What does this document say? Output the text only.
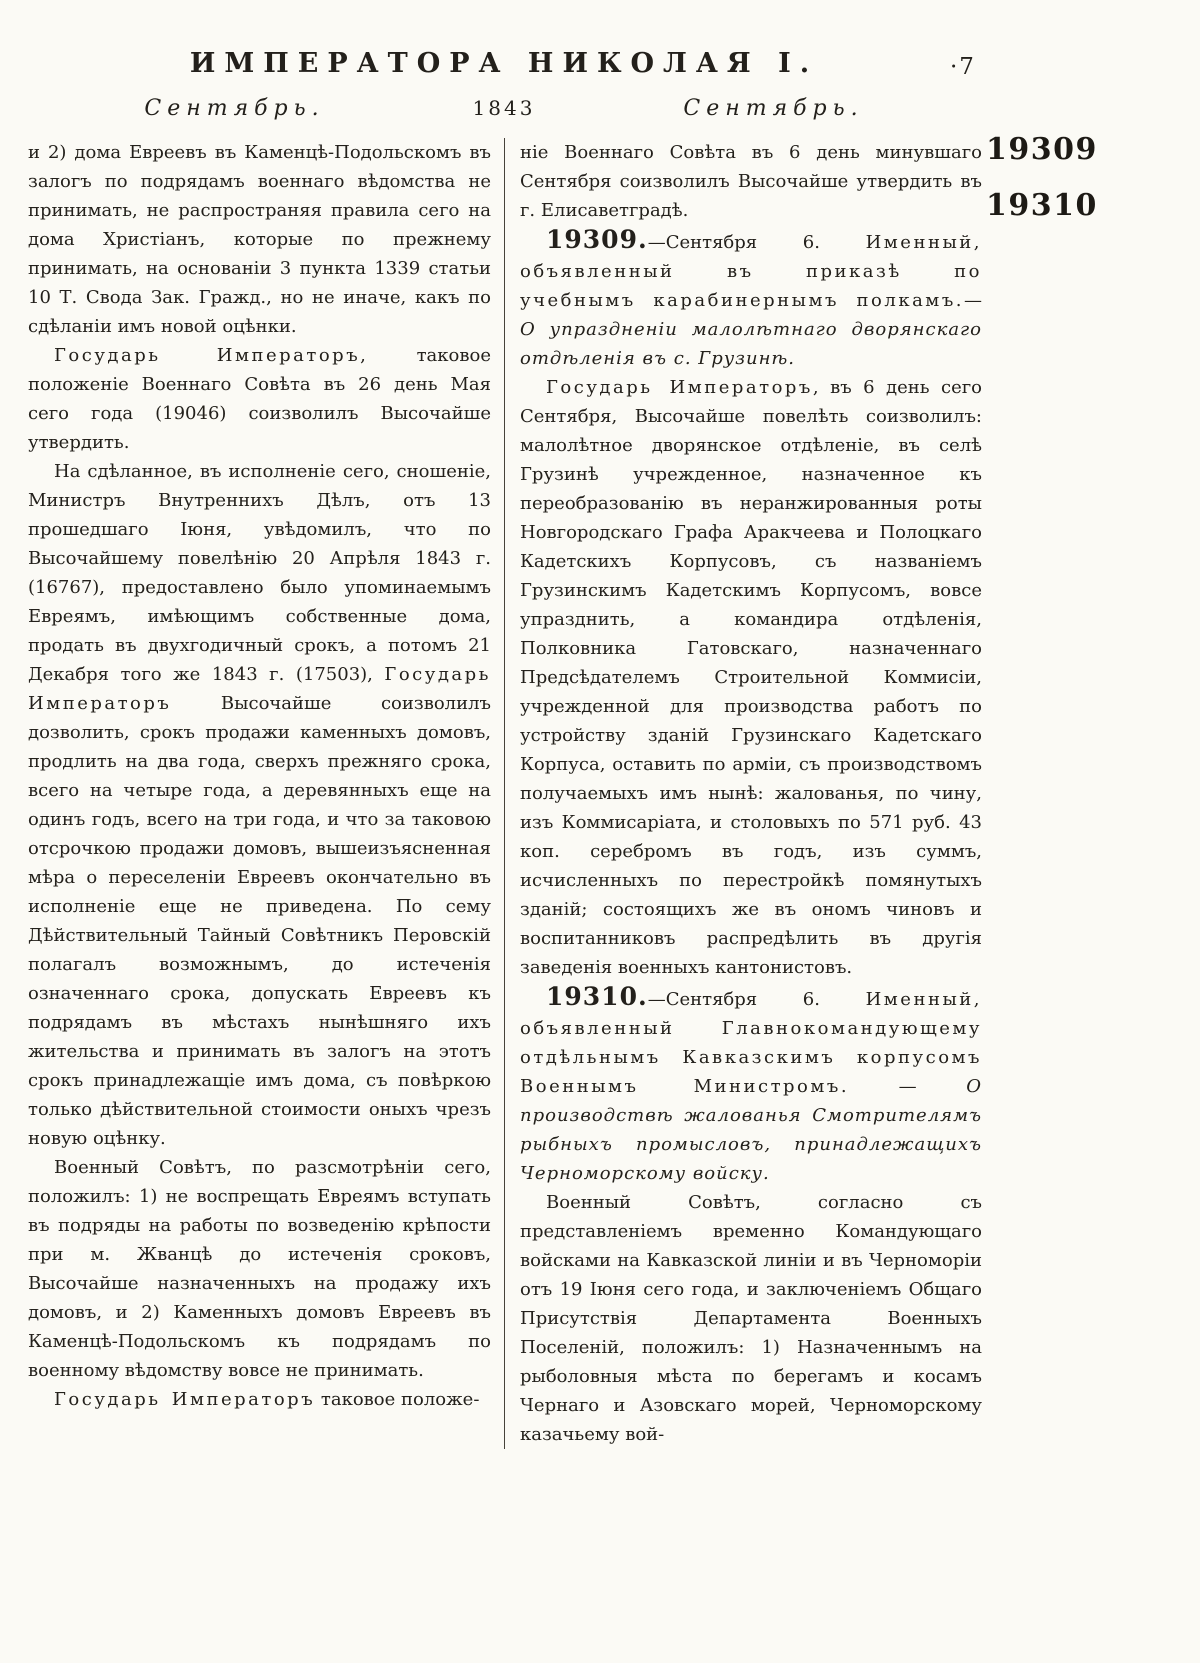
ИМПЕРАТОРА НИКОЛАЯ I.	·7
Сентябрь.	1843	Сентябрь.

и 2) дома Евреевъ въ Каменцѣ-Подольскомъ въ залогъ по подрядамъ военнаго вѣдомства не принимать, не распространяя правила сего на дома Христіанъ, которые по прежнему принимать, на основаніи 3 пункта 1339 статьи 10 Т. Свода Зак. Гражд., но не иначе, какъ по сдѣланіи имъ новой оцѣнки.

Государь Императоръ, таковое положеніе Военнаго Совѣта въ 26 день Мая сего года (19046) соизволилъ Высочайше утвердить.

На сдѣланное, въ исполненіе сего, сношеніе, Министръ Внутреннихъ Дѣлъ, отъ 13 прошедшаго Іюня, увѣдомилъ, что по Высочайшему повелѣнію 20 Апрѣля 1843 г. (16767), предоставлено было упоминаемымъ Евреямъ, имѣющимъ собственные дома, продать въ двухгодичный срокъ, а потомъ 21 Декабря того же 1843 г. (17503), Государь Императоръ Высочайше соизволилъ дозволить, срокъ продажи каменныхъ домовъ, продлить на два года, сверхъ прежняго срока, всего на четыре года, а деревянныхъ еще на одинъ годъ, всего на три года, и что за таковою отсрочкою продажи домовъ, вышеизъясненная мѣра о переселеніи Евреевъ окончательно въ исполненіе еще не приведена. По сему Дѣйствительный Тайный Совѣтникъ Перовскій полагалъ возможнымъ, до истеченія означеннаго срока, допускать Евреевъ къ подрядамъ въ мѣстахъ нынѣшняго ихъ жительства и принимать въ залогъ на этотъ срокъ принадлежащіе имъ дома, съ повѣркою только дѣйствительной стоимости оныхъ чрезъ новую оцѣнку.

Военный Совѣтъ, по разсмотрѣніи сего, положилъ: 1) не воспрещать Евреямъ вступать въ подряды на работы по возведенію крѣпости при м. Жванцѣ до истеченія сроковъ, Высочайше назначенныхъ на продажу ихъ домовъ, и 2) Каменныхъ домовъ Евреевъ въ Каменцѣ-Подольскомъ къ подрядамъ по военному вѣдомству вовсе не принимать.

Государь Императоръ таковое положе-

ніе Военнаго Совѣта въ 6 день минувшаго Сентября соизволилъ Высочайше утвердить въ г. Елисаветградѣ.

19309.—Сентября 6. Именный, объявленный въ приказѣ по учебнымъ карабинернымъ полкамъ.—О упраздненіи малолѣтнаго дворянскаго отдѣленія въ с. Грузинѣ.

Государь Императоръ, въ 6 день сего Сентября, Высочайше повелѣть соизволилъ: малолѣтное дворянское отдѣленіе, въ селѣ Грузинѣ учрежденное, назначенное къ переобразованію въ неранжированныя роты Новгородскаго Графа Аракчеева и Полоцкаго Кадетскихъ Корпусовъ, съ названіемъ Грузинскимъ Кадетскимъ Корпусомъ, вовсе упразднить, а командира отдѣленія, Полковника Гатовскаго, назначеннаго Предсѣдателемъ Строительной Коммисіи, учрежденной для производства работъ по устройству зданій Грузинскаго Кадетскаго Корпуса, оставить по арміи, съ производствомъ получаемыхъ имъ нынѣ: жалованья, по чину, изъ Коммисаріата, и столовыхъ по 571 руб. 43 коп. серебромъ въ годъ, изъ суммъ, исчисленныхъ по перестройкѣ помянутыхъ зданій; состоящихъ же въ ономъ чиновъ и воспитанниковъ распредѣлить въ другія заведенія военныхъ кантонистовъ.

19310.—Сентября 6. Именный, объявленный Главнокомандующему отдѣльнымъ Кавказскимъ корпусомъ Военнымъ Министромъ. — О производствѣ жалованья Смотрителямъ рыбныхъ промысловъ, принадлежащихъ Черноморскому войску.

Военный Совѣтъ, согласно съ представленіемъ временно Командующаго войсками на Кавказской линіи и въ Черноморіи отъ 19 Іюня сего года, и заключеніемъ Общаго Присутствія Департамента Военныхъ Поселеній, положилъ: 1) Назначеннымъ на рыболовныя мѣста по берегамъ и косамъ Чернаго и Азовскаго морей, Черноморскому казачьему вой-

19309
19310
